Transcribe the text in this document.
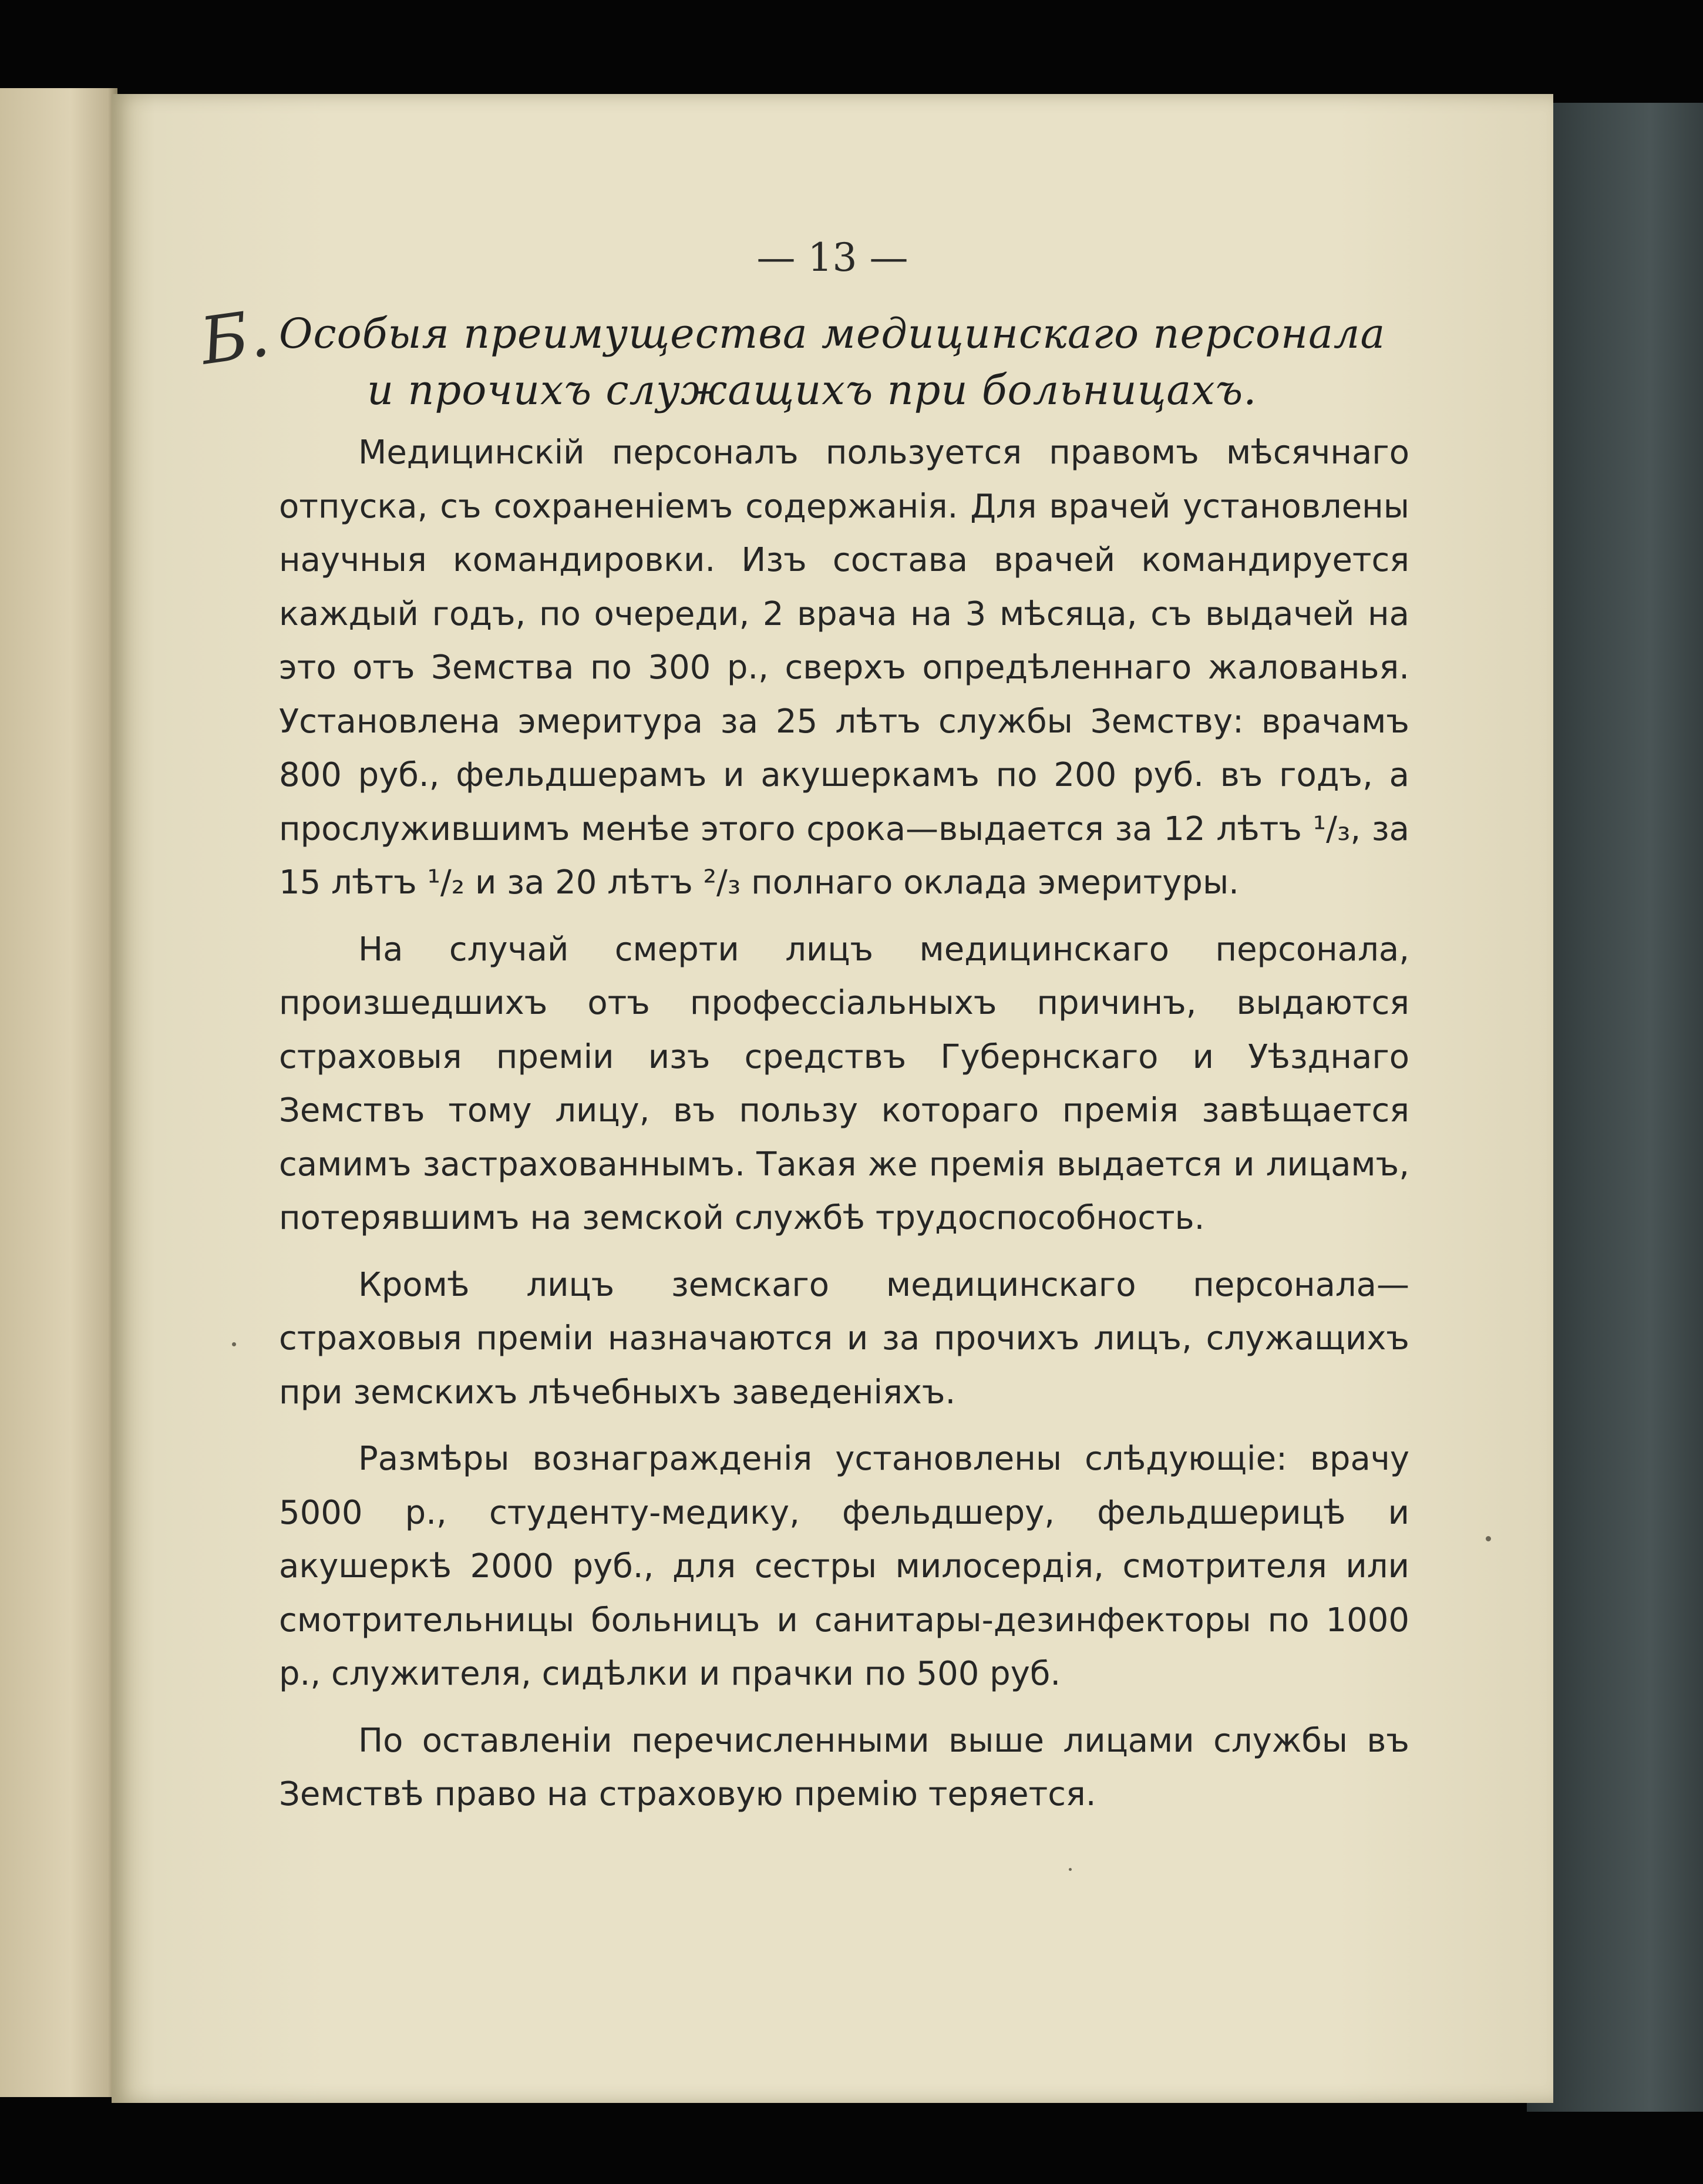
— 13 —
Б. Особыя преимущества медицинскаго персонала
и прочихъ служащихъ при больницахъ.

Медицинскій персоналъ пользуется правомъ мѣсячнаго отпуска, съ сохраненіемъ содержанія. Для врачей установлены научныя командировки. Изъ состава врачей командируется каждый годъ, по очереди, 2 врача на 3 мѣсяца, съ выдачей на это отъ Земства по 300 р., сверхъ опредѣленнаго жалованья. Установлена эмеритура за 25 лѣтъ службы Земству: врачамъ 800 руб., фельдшерамъ и акушеркамъ по 200 руб. въ годъ, а прослужившимъ менѣе этого срока—выдается за 12 лѣтъ ¹/₃, за 15 лѣтъ ¹/₂ и за 20 лѣтъ ²/₃ полнаго оклада эмеритуры.

На случай смерти лицъ медицинскаго персонала, произшедшихъ отъ профессіальныхъ причинъ, выдаются страховыя преміи изъ средствъ Губернскаго и Уѣзднаго Земствъ тому лицу, въ пользу котораго премія завѣщается самимъ застрахованнымъ. Такая же премія выдается и лицамъ, потерявшимъ на земской службѣ трудоспособность.

Кромѣ лицъ земскаго медицинскаго персонала— страховыя преміи назначаются и за прочихъ лицъ, служащихъ при земскихъ лѣчебныхъ заведеніяхъ.

Размѣры вознагражденія установлены слѣдующіе: врачу 5000 р., студенту-медику, фельдшеру, фельдшерицѣ и акушеркѣ 2000 руб., для сестры милосердія, смотрителя или смотрительницы больницъ и санитары-дезинфекторы по 1000 р., служителя, сидѣлки и прачки по 500 руб.

По оставленіи перечисленными выше лицами службы въ Земствѣ право на страховую премію теряется.
